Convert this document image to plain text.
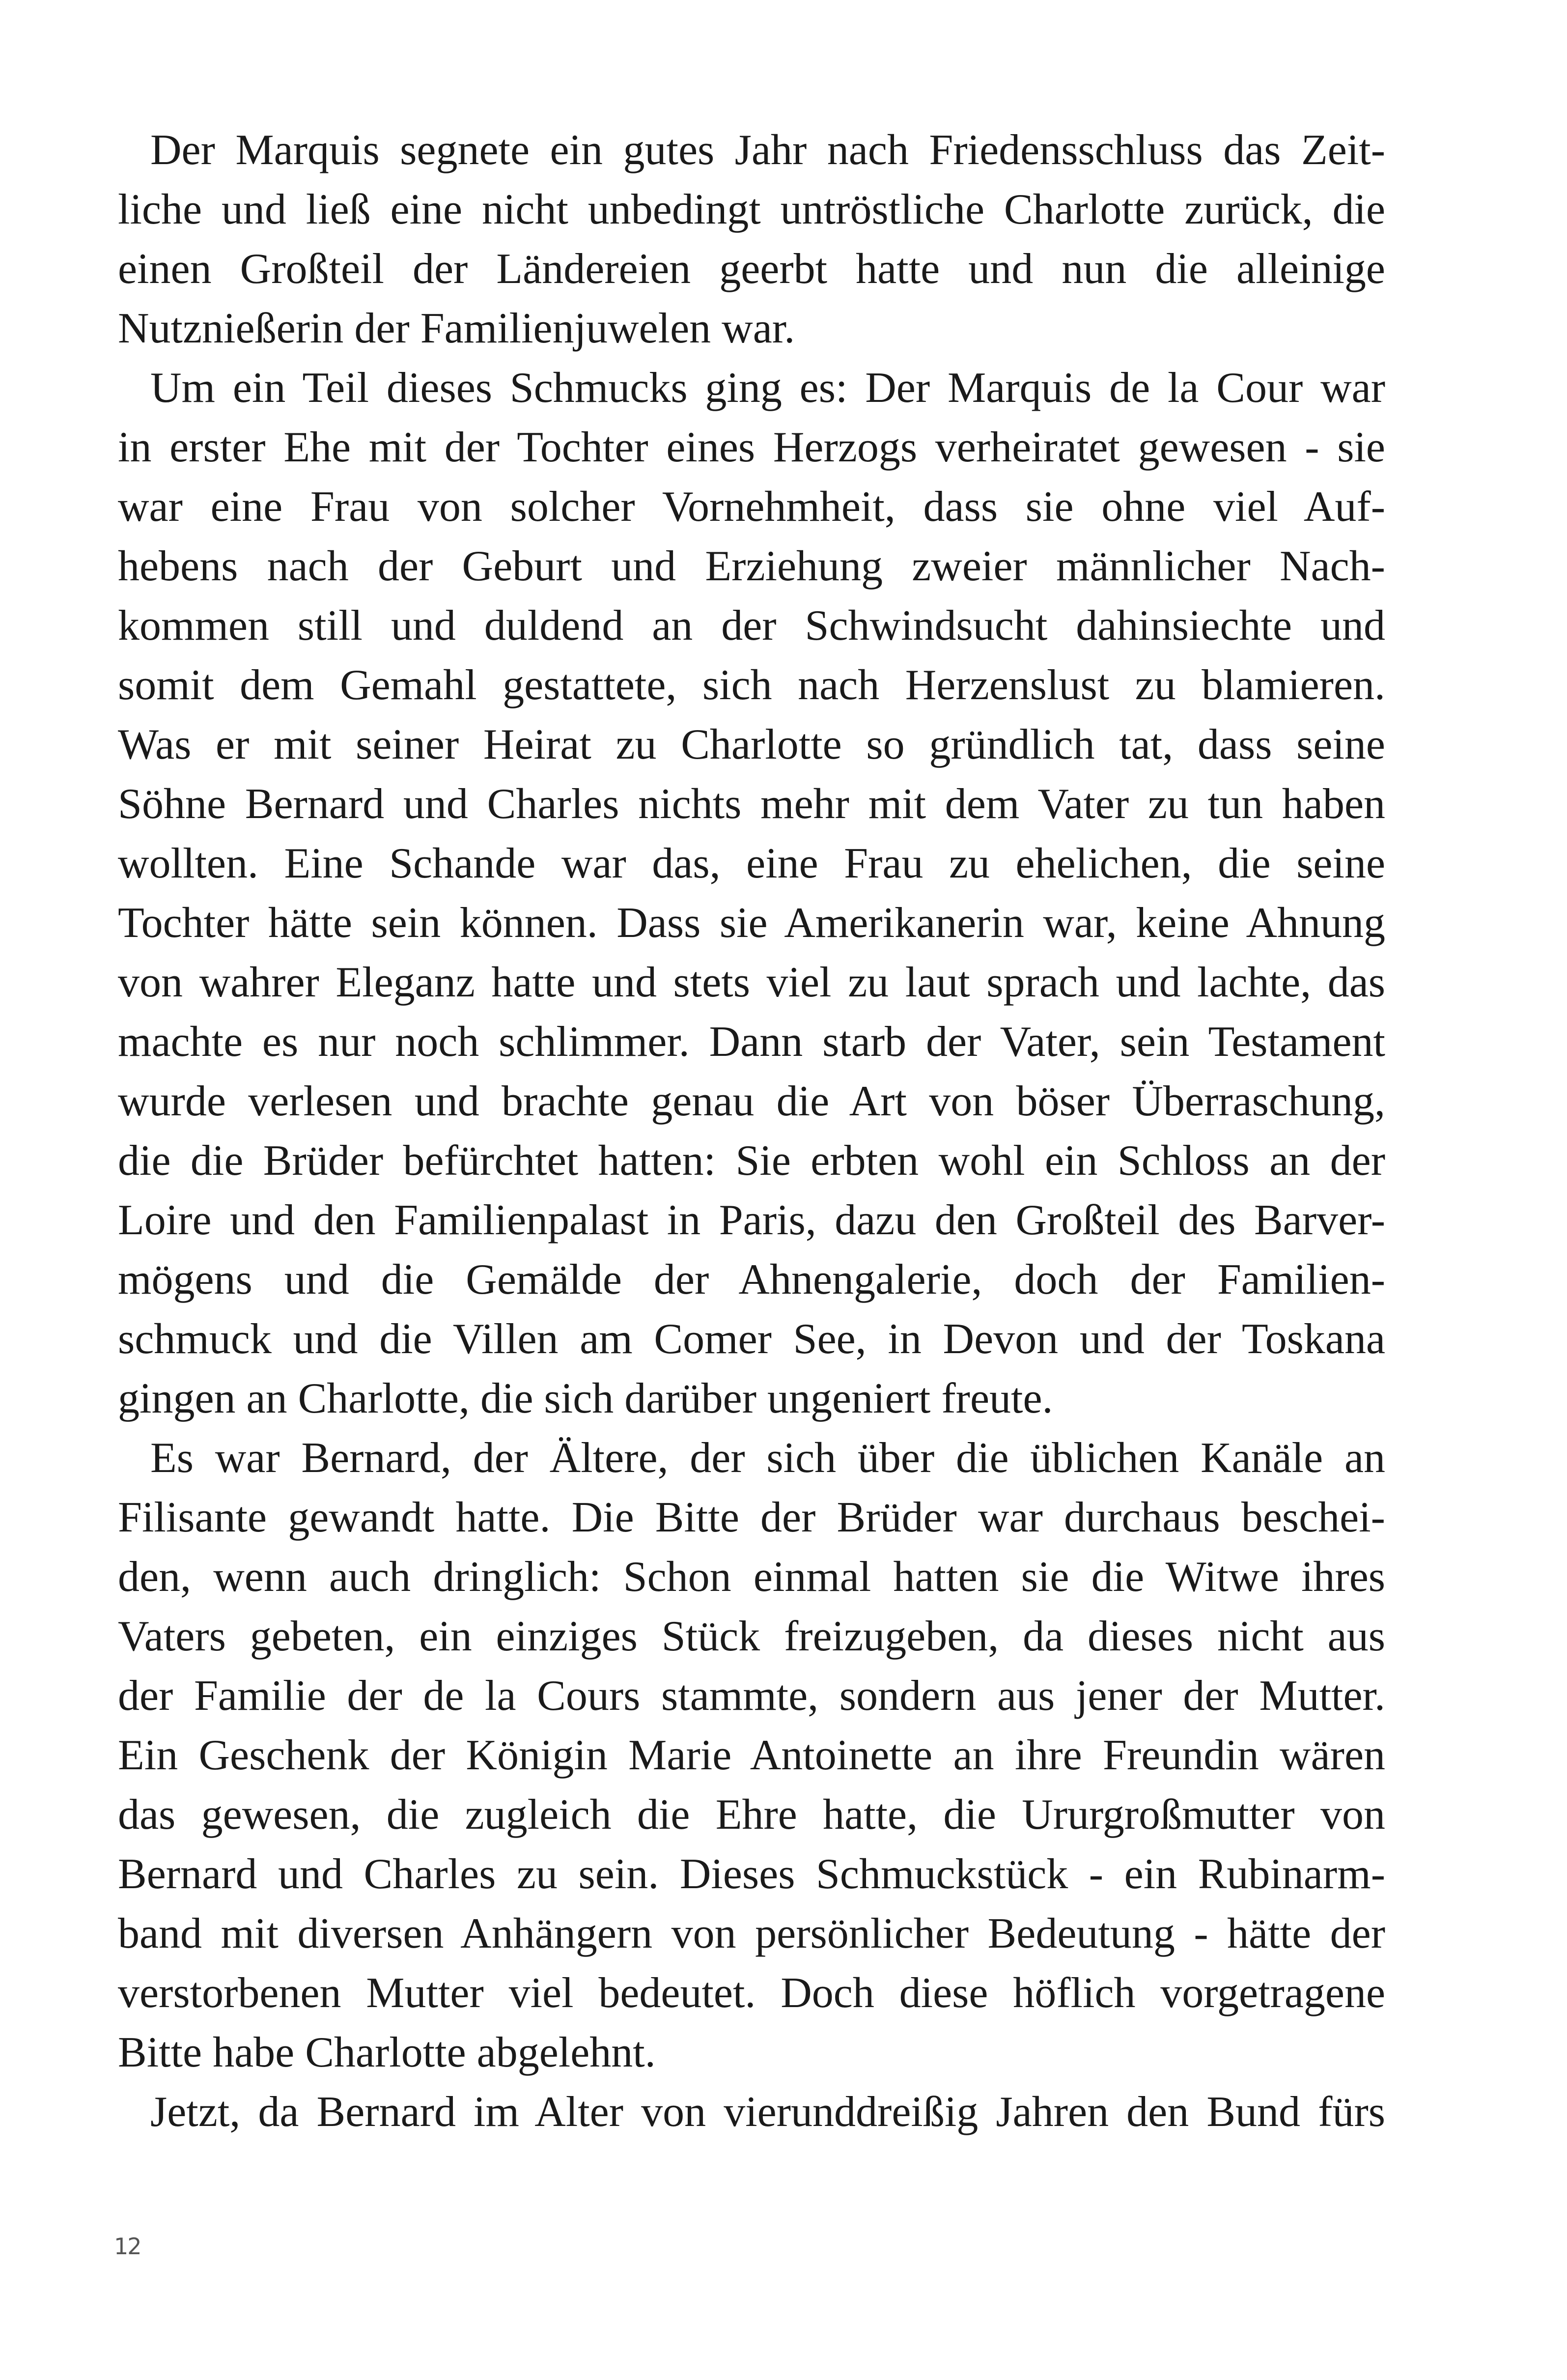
Der Marquis segnete ein gutes Jahr nach Friedensschluss das Zeit-
liche und ließ eine nicht unbedingt untröstliche Charlotte zurück, die
einen Großteil der Ländereien geerbt hatte und nun die alleinige
Nutznießerin der Familienjuwelen war.
Um ein Teil dieses Schmucks ging es: Der Marquis de la Cour war
in erster Ehe mit der Tochter eines Herzogs verheiratet gewesen - sie
war eine Frau von solcher Vornehmheit, dass sie ohne viel Auf-
hebens nach der Geburt und Erziehung zweier männlicher Nach-
kommen still und duldend an der Schwindsucht dahinsiechte und
somit dem Gemahl gestattete, sich nach Herzenslust zu blamieren.
Was er mit seiner Heirat zu Charlotte so gründlich tat, dass seine
Söhne Bernard und Charles nichts mehr mit dem Vater zu tun haben
wollten. Eine Schande war das, eine Frau zu ehelichen, die seine
Tochter hätte sein können. Dass sie Amerikanerin war, keine Ahnung
von wahrer Eleganz hatte und stets viel zu laut sprach und lachte, das
machte es nur noch schlimmer. Dann starb der Vater, sein Testament
wurde verlesen und brachte genau die Art von böser Überraschung,
die die Brüder befürchtet hatten: Sie erbten wohl ein Schloss an der
Loire und den Familienpalast in Paris, dazu den Großteil des Barver-
mögens und die Gemälde der Ahnengalerie, doch der Familien-
schmuck und die Villen am Comer See, in Devon und der Toskana
gingen an Charlotte, die sich darüber ungeniert freute.
Es war Bernard, der Ältere, der sich über die üblichen Kanäle an
Filisante gewandt hatte. Die Bitte der Brüder war durchaus beschei-
den, wenn auch dringlich: Schon einmal hatten sie die Witwe ihres
Vaters gebeten, ein einziges Stück freizugeben, da dieses nicht aus
der Familie der de la Cours stammte, sondern aus jener der Mutter.
Ein Geschenk der Königin Marie Antoinette an ihre Freundin wären
das gewesen, die zugleich die Ehre hatte, die Ururgroßmutter von
Bernard und Charles zu sein. Dieses Schmuckstück - ein Rubinarm-
band mit diversen Anhängern von persönlicher Bedeutung - hätte der
verstorbenen Mutter viel bedeutet. Doch diese höflich vorgetragene
Bitte habe Charlotte abgelehnt.
Jetzt, da Bernard im Alter von vierunddreißig Jahren den Bund fürs
12
